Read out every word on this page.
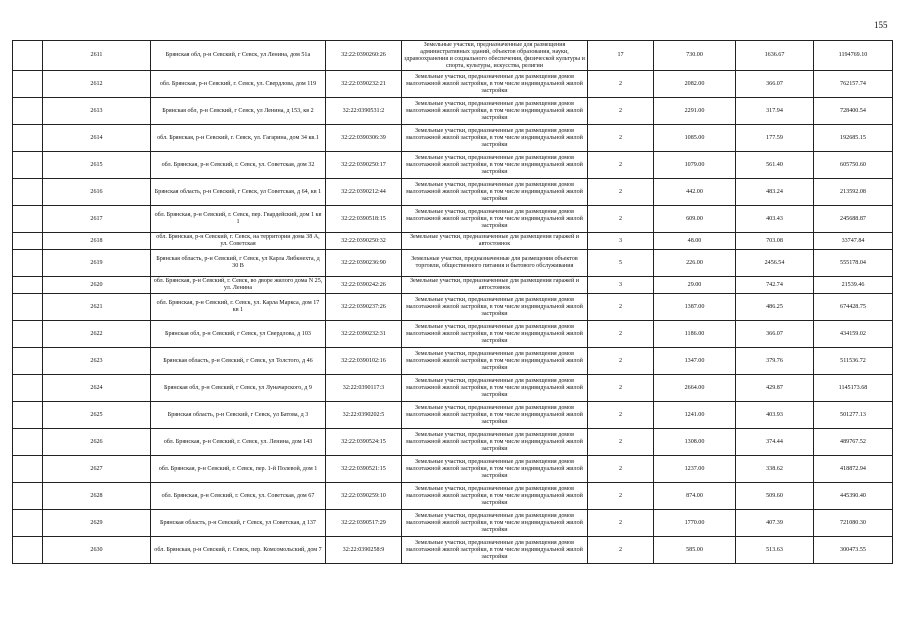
155
	2611	Брянская обл, р-н Севский, г Севск, ул Ленина, дом 51а	32:22:0390260:26	Земельные участки, предназначенные для размещения административных зданий, объектов образования, науки, здравоохранения и социального обеспечения, физической культуры и спорта, культуры, искусства, религии	17	730.00	1636.67	1194769.10
	2612	обл. Брянская, р-н Севский, г. Севск, ул. Свердлова, дом 119	32:22:0390232:21	Земельные участки, предназначенные для размещения домов малоэтажной жилой застройки, в том числе индивидуальной жилой застройки	2	2082.00	366.07	762157.74
	2613	Брянская обл, р-н Севский, г Севск, ул Ленина, д 153, кв 2	32:22:0390531:2	Земельные участки, предназначенные для размещения домов малоэтажной жилой застройки, в том числе индивидуальной жилой застройки	2	2291.00	317.94	728400.54
	2614	обл. Брянская, р-н Севский, г. Севск, ул. Гагарина, дом 34 кв.1	32:22:0390306:39	Земельные участки, предназначенные для размещения домов малоэтажной жилой застройки, в том числе индивидуальной жилой застройки	2	1085.00	177.59	192685.15
	2615	обл. Брянская, р-н Севский, г. Севск, ул. Советская, дом 32	32:22:0390250:17	Земельные участки, предназначенные для размещения домов малоэтажной жилой застройки, в том числе индивидуальной жилой застройки	2	1079.00	561.40	605750.60
	2616	Брянская область, р-н Севский, г Севск, ул Советская, д 64, кв 1	32:22:0390212:44	Земельные участки, предназначенные для размещения домов малоэтажной жилой застройки, в том числе индивидуальной жилой застройки	2	442.00	483.24	213592.08
	2617	обл. Брянская, р-н Севский, г. Севск, пер. Гвардейский, дом 1 кв 1	32:22:0390518:15	Земельные участки, предназначенные для размещения домов малоэтажной жилой застройки, в том числе индивидуальной жилой застройки	2	609.00	403.43	245688.87
	2618	обл. Брянская, р-н Севский, г. Севск, на территории дома 38 А, ул. Советская	32:22:0390250:32	Земельные участки, предназначенные для размещения гаражей и автостоянок	3	48.00	703.08	33747.84
	2619	Брянская область, р-н Севский, г Севск, ул Карла Либкнехта, д 30 В	32:22:0390236:90	Земельные участки, предназначенные для размещения объектов торговли, общественного питания и бытового обслуживания	5	226.00	2456.54	555178.04
	2620	обл. Брянская, р-н Севский, г. Севск, во дворе жилого дома N 25, ул. Ленина	32:22:0390242:26	Земельные участки, предназначенные для размещения гаражей и автостоянок	3	29.00	742.74	21539.46
	2621	обл. Брянская, р-н Севский, г. Севск, ул. Карла Маркса, дом 17 кв 1	32:22:0390237:26	Земельные участки, предназначенные для размещения домов малоэтажной жилой застройки, в том числе индивидуальной жилой застройки	2	1387.00	486.25	674428.75
	2622	Брянская обл, р-н Севский, г Севск, ул Свердлова, д 103	32:22:0390232:31	Земельные участки, предназначенные для размещения домов малоэтажной жилой застройки, в том числе индивидуальной жилой застройки	2	1186.00	366.07	434159.02
	2623	Брянская область, р-н Севский, г Севск, ул Толстого, д 46	32:22:0390102:16	Земельные участки, предназначенные для размещения домов малоэтажной жилой застройки, в том числе индивидуальной жилой застройки	2	1347.00	379.76	511536.72
	2624	Брянская обл, р-н Севский, г Севск, ул Луначарского, д 9	32:22:0390117:3	Земельные участки, предназначенные для размещения домов малоэтажной жилой застройки, в том числе индивидуальной жилой застройки	2	2664.00	429.87	1145173.68
	2625	Брянская область, р-н Севский, г Севск, ул Батова, д 3	32:22:0390202:5	Земельные участки, предназначенные для размещения домов малоэтажной жилой застройки, в том числе индивидуальной жилой застройки	2	1241.00	403.93	501277.13
	2626	обл. Брянская, р-н Севский, г. Севск, ул. Ленина, дом 143	32:22:0390524:15	Земельные участки, предназначенные для размещения домов малоэтажной жилой застройки, в том числе индивидуальной жилой застройки	2	1308.00	374.44	489767.52
	2627	обл. Брянская, р-н Севский, г. Севск, пер. 1-й Полевой, дом 1	32:22:0390521:15	Земельные участки, предназначенные для размещения домов малоэтажной жилой застройки, в том числе индивидуальной жилой застройки	2	1237.00	338.62	418872.94
	2628	обл. Брянская, р-н Севский, г. Севск, ул. Советская, дом 67	32:22:0390259:10	Земельные участки, предназначенные для размещения домов малоэтажной жилой застройки, в том числе индивидуальной жилой застройки	2	874.00	509.60	445390.40
	2629	Брянская область, р-н Севский, г Севск, ул Советская, д 137	32:22:0390517:29	Земельные участки, предназначенные для размещения домов малоэтажной жилой застройки, в том числе индивидуальной жилой застройки	2	1770.00	407.39	721080.30
	2630	обл. Брянская, р-н Севский, г. Севск, пер. Комсомольский, дом 7	32:22:0390258:9	Земельные участки, предназначенные для размещения домов малоэтажной жилой застройки, в том числе индивидуальной жилой застройки	2	585.00	513.63	300473.55
